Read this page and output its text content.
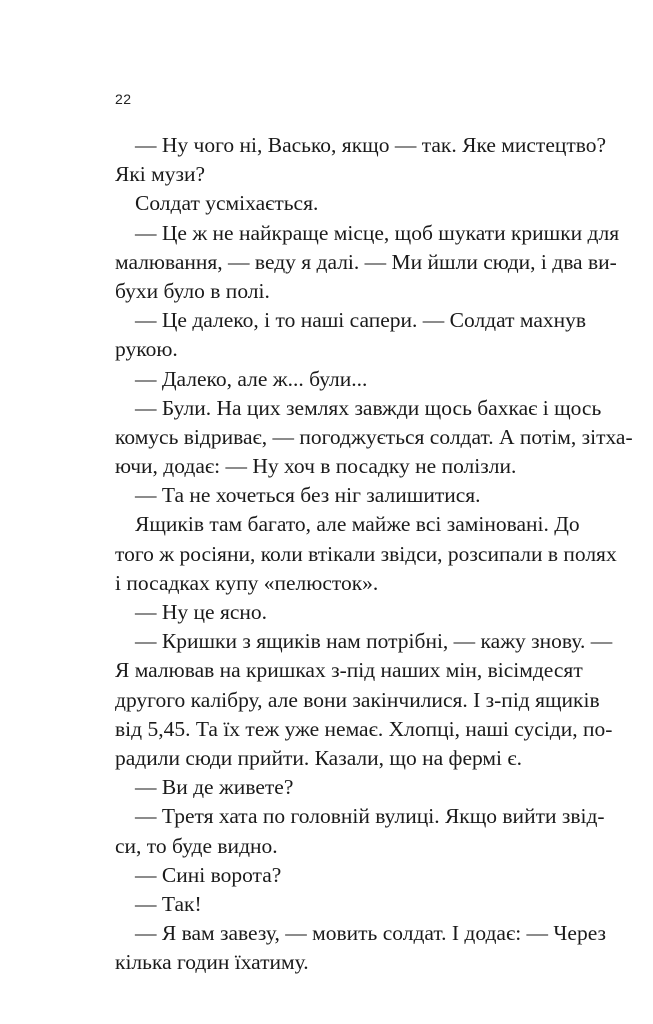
22
— Ну чого ні, Васько, якщо — так. Яке мистецтво?
Які музи?
Солдат усміхається.
— Це ж не найкраще місце, щоб шукати кришки для
малювання, — веду я далі. — Ми йшли сюди, і два ви-
бухи було в полі.
— Це далеко, і то наші сапери. — Солдат махнув
рукою.
— Далеко, але ж... були...
— Були. На цих землях завжди щось бахкає і щось
комусь відриває, — погоджується солдат. А потім, зітха-
ючи, додає: — Ну хоч в посадку не полізли.
— Та не хочеться без ніг залишитися.
Ящиків там багато, але майже всі заміновані. До
того ж росіяни, коли втікали звідси, розсипали в полях
і посадках купу «пелюсток».
— Ну це ясно.
— Кришки з ящиків нам потрібні, — кажу знову. —
Я малював на кришках з-під наших мін, вісімдесят
другого калібру, але вони закінчилися. І з-під ящиків
від 5,45. Та їх теж уже немає. Хлопці, наші сусіди, по-
радили сюди прийти. Казали, що на фермі є.
— Ви де живете?
— Третя хата по головній вулиці. Якщо вийти звід-
си, то буде видно.
— Сині ворота?
— Так!
— Я вам завезу, — мовить солдат. І додає: — Через
кілька годин їхатиму.
